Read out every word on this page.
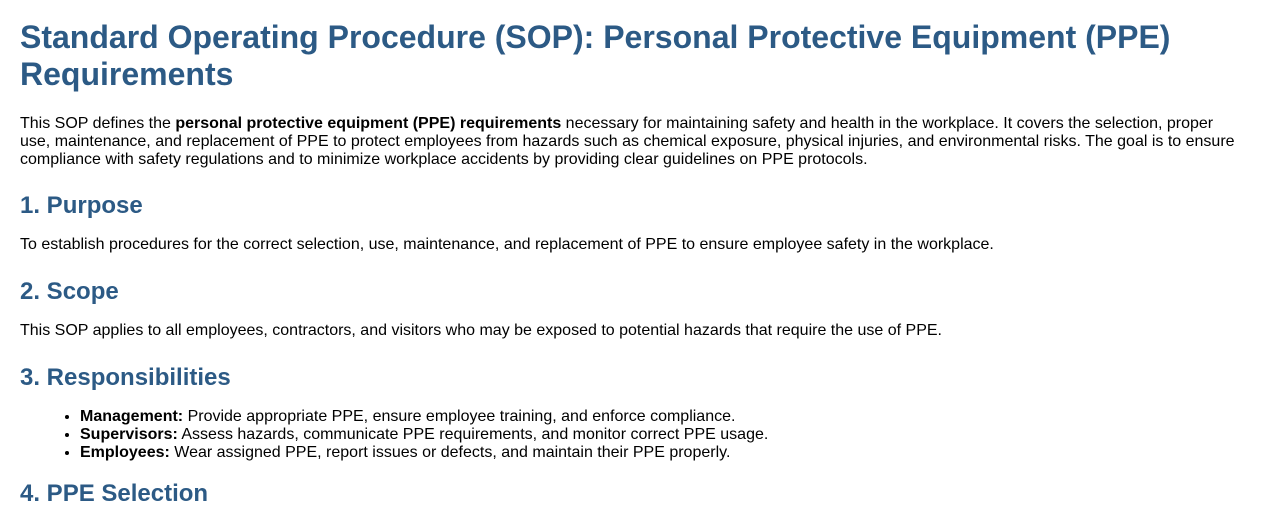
Standard Operating Procedure (SOP): Personal Protective Equipment (PPE) Requirements

This SOP defines the personal protective equipment (PPE) requirements necessary for maintaining safety and health in the workplace. It covers the selection, proper use, maintenance, and replacement of PPE to protect employees from hazards such as chemical exposure, physical injuries, and environmental risks. The goal is to ensure compliance with safety regulations and to minimize workplace accidents by providing clear guidelines on PPE protocols.

1. Purpose

To establish procedures for the correct selection, use, maintenance, and replacement of PPE to ensure employee safety in the workplace.

2. Scope

This SOP applies to all employees, contractors, and visitors who may be exposed to potential hazards that require the use of PPE.

3. Responsibilities
• Management: Provide appropriate PPE, ensure employee training, and enforce compliance.
• Supervisors: Assess hazards, communicate PPE requirements, and monitor correct PPE usage.
• Employees: Wear assigned PPE, report issues or defects, and maintain their PPE properly.
4. PPE Selection
